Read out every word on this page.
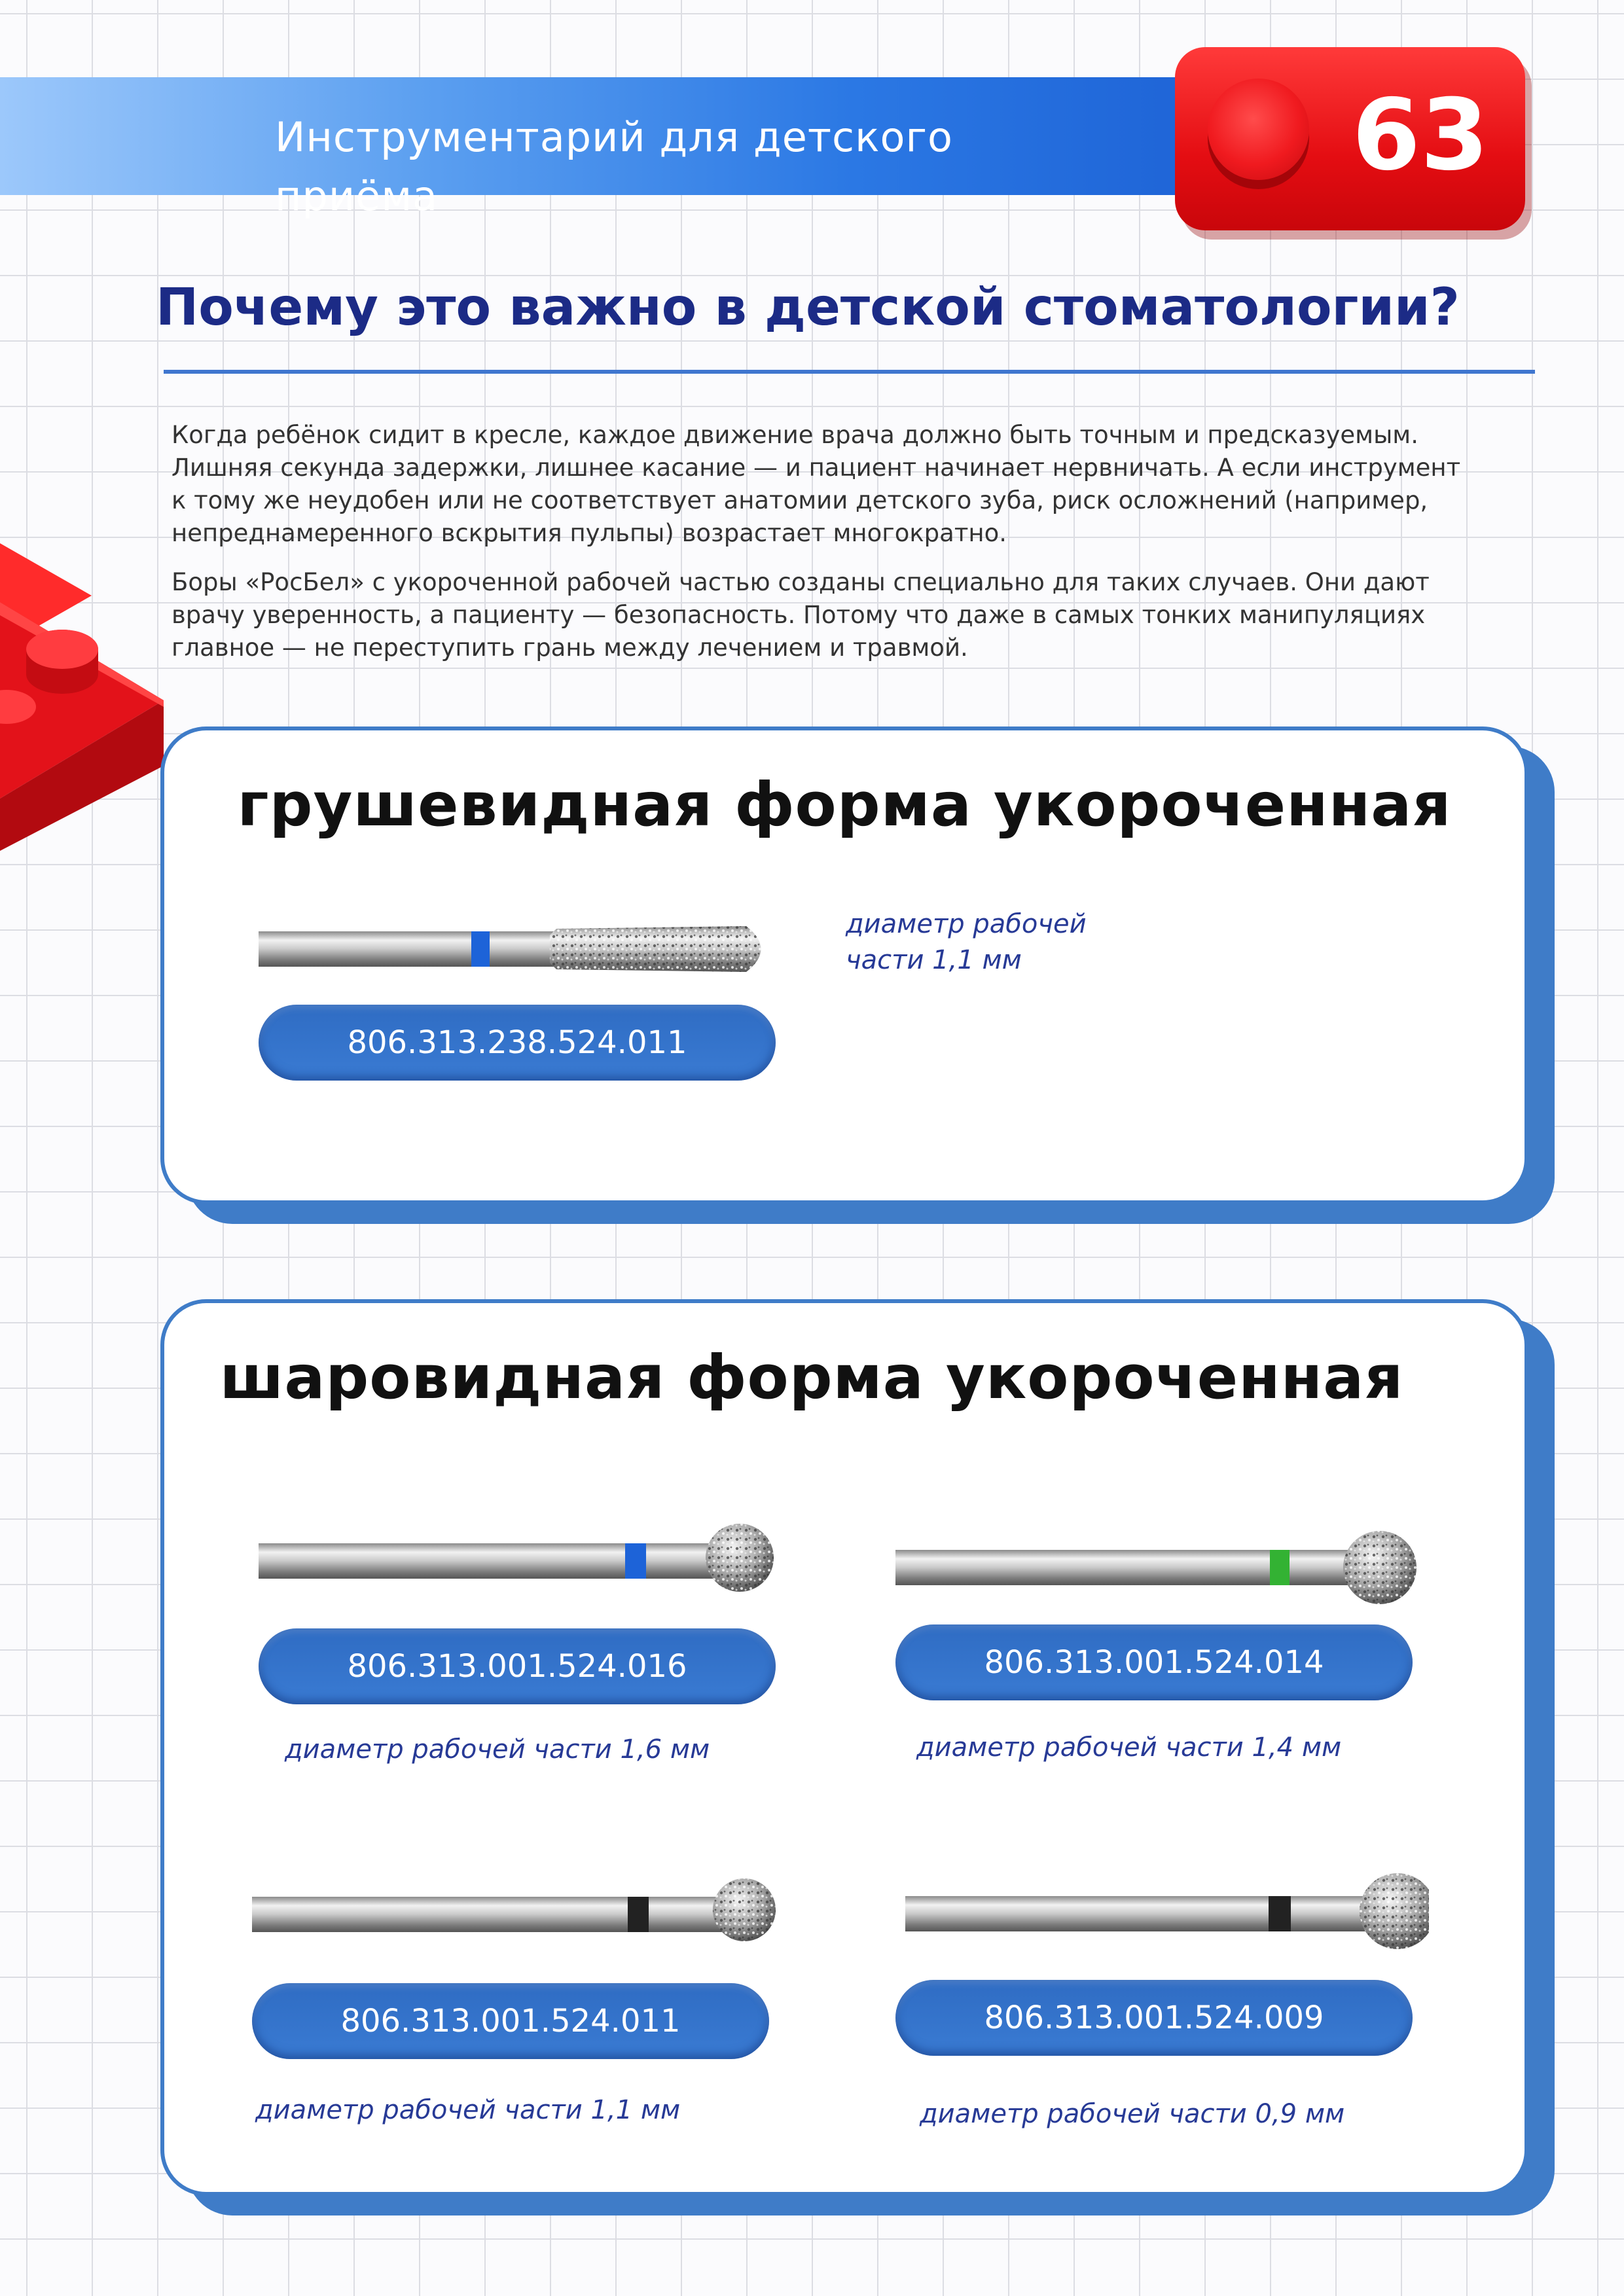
Инструментарий для детского приёма
63
Почему это важно в детской стоматологии?
Когда ребёнок сидит в кресле, каждое движение врача должно быть точным и предсказуемым. Лишняя секунда задержки, лишнее касание — и пациент начинает нервничать. А если инструмент к тому же неудобен или не соответствует анатомии детского зуба, риск осложнений (например, непреднамеренного вскрытия пульпы) возрастает многократно.
Боры «РосБел» с укороченной рабочей частью созданы специально для таких случаев. Они дают врачу уверенность, а пациенту — безопасность. Потому что даже в самых тонких манипуляциях главное — не переступить грань между лечением и травмой.
грушевидная форма укороченная
806.313.238.524.011
диаметр рабочей
части 1,1 мм
шаровидная форма укороченная
806.313.001.524.016
диаметр рабочей части 1,6 мм
806.313.001.524.014
диаметр рабочей части 1,4 мм
806.313.001.524.011
диаметр рабочей части 1,1 мм
806.313.001.524.009
диаметр рабочей части 0,9 мм
